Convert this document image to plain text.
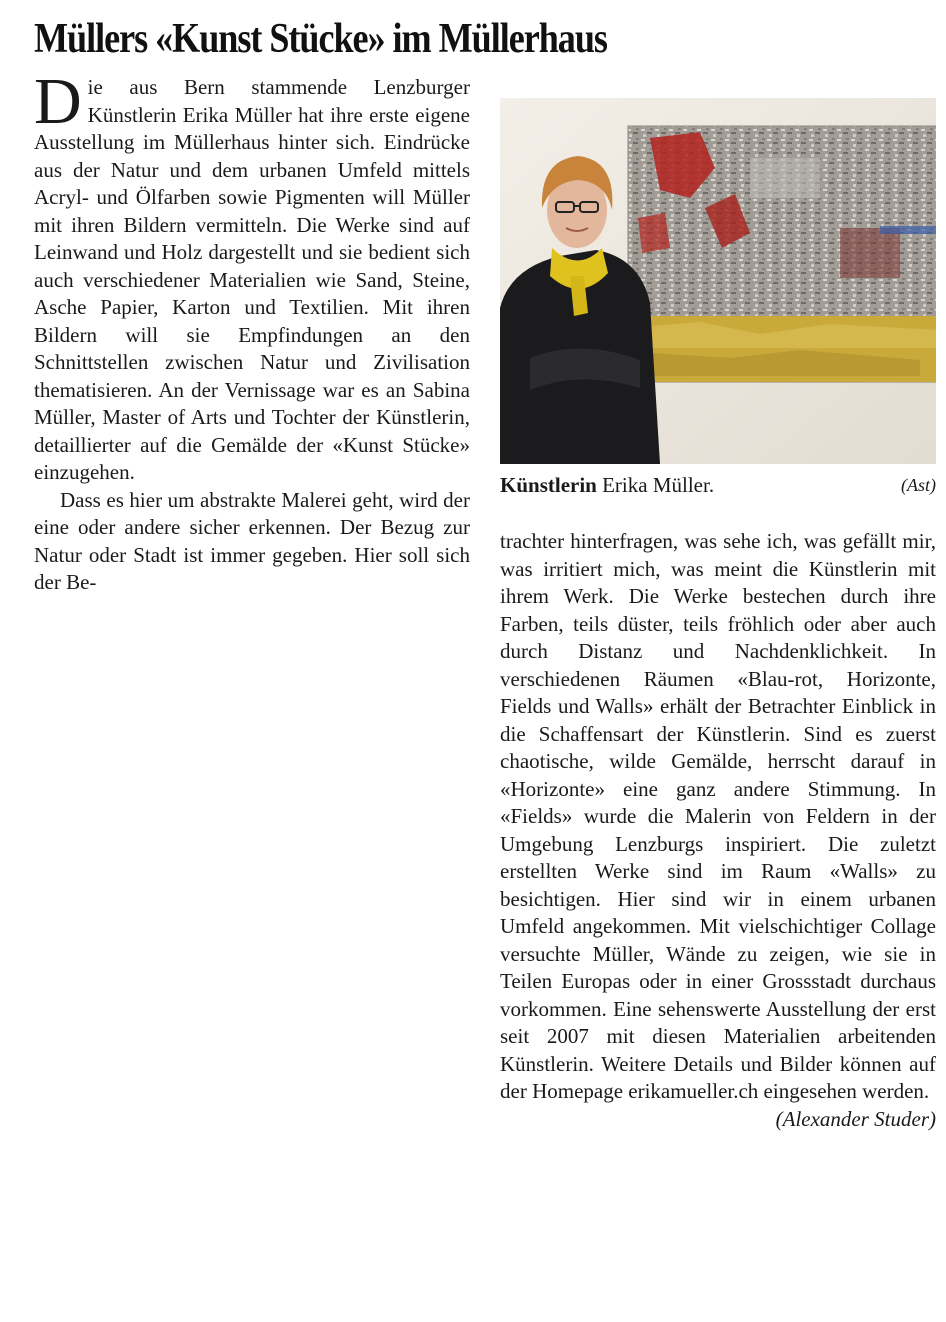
Müllers «Kunst Stücke» im Müllerhaus

Die aus Bern stammende Lenzburger Künstlerin Erika Müller hat ihre erste eigene Ausstellung im Müllerhaus hinter sich. Eindrücke aus der Natur und dem urbanen Umfeld mittels Acryl- und Ölfarben sowie Pigmenten will Müller mit ihren Bildern vermitteln. Die Werke sind auf Leinwand und Holz dargestellt und sie bedient sich auch verschiedener Materialien wie Sand, Steine, Asche Papier, Karton und Textilien. Mit ihren Bildern will sie Empfindungen an den Schnittstellen zwischen Natur und Zivilisation thematisieren. An der Vernissage war es an Sabina Müller, Master of Arts und Tochter der Künstlerin, detaillierter auf die Gemälde der «Kunst Stücke» einzugehen.

Dass es hier um abstrakte Malerei geht, wird der eine oder andere sicher erkennen. Der Bezug zur Natur oder Stadt ist immer gegeben. Hier soll sich der Be-

Künstlerin Erika Müller.	(Ast)

trachter hinterfragen, was sehe ich, was gefällt mir, was irritiert mich, was meint die Künstlerin mit ihrem Werk. Die Werke bestechen durch ihre Farben, teils düster, teils fröhlich oder aber auch durch Distanz und Nachdenklichkeit. In verschiedenen Räumen «Blau-rot, Horizonte, Fields und Walls» erhält der Betrachter Einblick in die Schaffensart der Künstlerin. Sind es zuerst chaotische, wilde Gemälde, herrscht darauf in «Horizonte» eine ganz andere Stimmung. In «Fields» wurde die Malerin von Feldern in der Umgebung Lenzburgs inspiriert. Die zuletzt erstellten Werke sind im Raum «Walls» zu besichtigen. Hier sind wir in einem urbanen Umfeld angekommen. Mit vielschichtiger Collage versuchte Müller, Wände zu zeigen, wie sie in Teilen Europas oder in einer Grossstadt durchaus vorkommen. Eine sehenswerte Ausstellung der erst seit 2007 mit diesen Materialien arbeitenden Künstlerin. Weitere Details und Bilder können auf der Homepage erikamueller.ch eingesehen werden.
(Alexander Studer)
